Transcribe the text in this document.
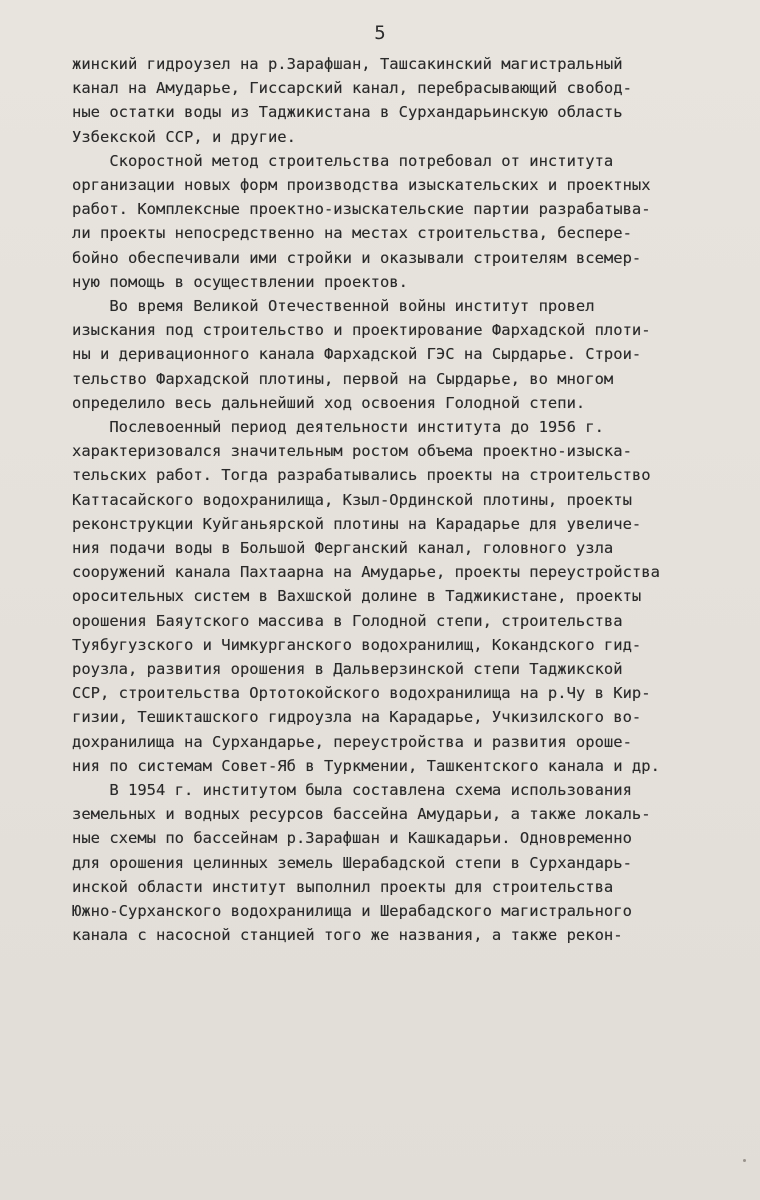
5
жинский гидроузел на р.Зарафшан, Ташсакинский магистральный
канал на Амударье, Гиссарский канал, перебрасывающий свобод-
ные остатки воды из Таджикистана в Сурхандарьинскую область
Узбекской ССР, и другие.
Скоростной метод строительства потребовал от института
организации новых форм производства изыскательских и проектных
работ. Комплексные проектно-изыскательские партии разрабатыва-
ли проекты непосредственно на местах строительства, бесперe-
бойно обеспечивали ими стройки и оказывали строителям всемер-
ную помощь в осуществлении проектов.
Во время Великой Отечественной войны институт провел
изыскания под строительство и проектирование Фархадской плоти-
ны и деривационного канала Фархадской ГЭС на Сырдарье. Строи-
тельство Фархадской плотины, первой на Сырдарье, во многом
определило весь дальнейший ход освоения Голодной степи.
Послевоенный период деятельности института до 1956 г.
характеризовался значительным ростом объема проектно-изыска-
тельских работ. Тогда разрабатывались проекты на строительство
Каттасайского водохранилища, Кзыл-Ординской плотины, проекты
реконструкции Куйганьярской плотины на Карадарье для увеличе-
ния подачи воды в Большой Ферганский канал, головного узла
сооружений канала Пахтаарна на Амударье, проекты переустройства
оросительных систем в Вахшской долине в Таджикистане, проекты
орошения Баяутского массива в Голодной степи, строительства
Туябугузского и Чимкурганского водохранилищ, Кокандского гид-
роузла, развития орошения в Дальверзинской степи Таджикской
ССР, строительства Ортотокойского водохранилища на р.Чу в Кир-
гизии, Тешикташского гидроузла на Карадарье, Учкизилского во-
дохранилища на Сурхандарье, переустройства и развития ороше-
ния по системам Совет-Яб в Туркмении, Ташкентского канала и др.
В 1954 г. институтом была составлена схема использования
земельных и водных ресурсов бассейна Амударьи, а также локаль-
ные схемы по бассейнам р.Зарафшан и Кашкадарьи. Одновременно
для орошения целинных земель Шерабадской степи в Сурхандарь-
инской области институт выполнил проекты для строительства
Южно-Сурханского водохранилища и Шерабадского магистрального
канала с насосной станцией того же названия, а также рекон-
